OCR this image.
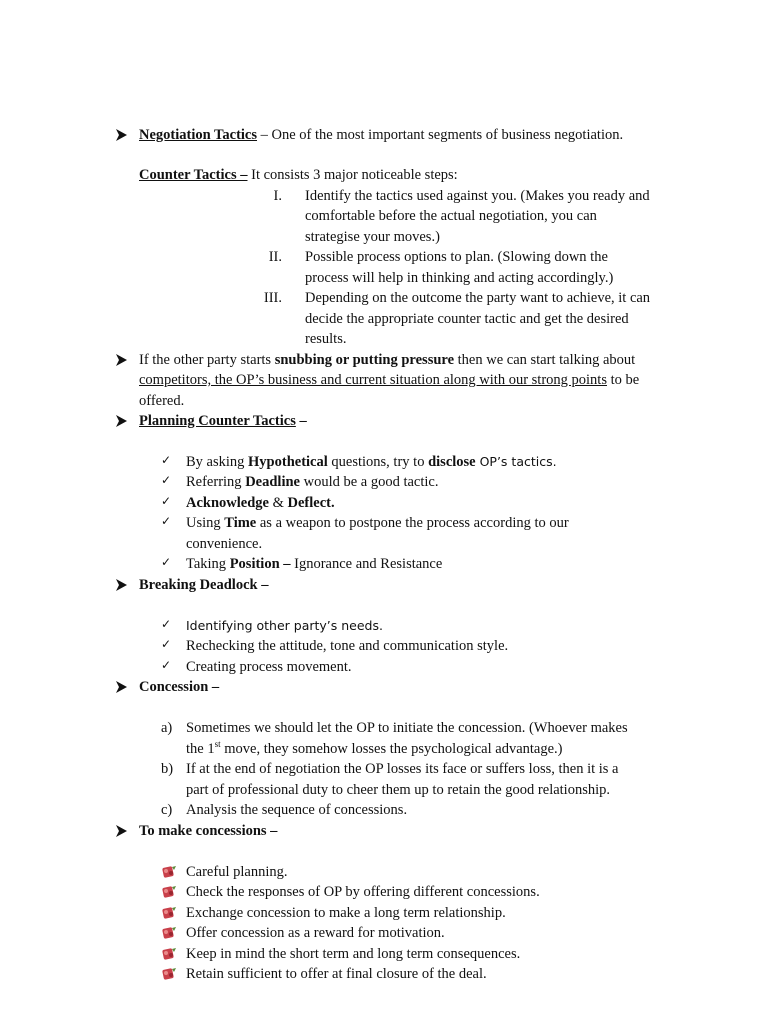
Negotiation Tactics – One of the most important segments of business negotiation.
Counter Tactics – It consists 3 major noticeable steps:
I. Identify the tactics used against you. (Makes you ready and
comfortable before the actual negotiation, you can
strategise your moves.)
II. Possible process options to plan. (Slowing down the
process will help in thinking and acting accordingly.)
III. Depending on the outcome the party want to achieve, it can
decide the appropriate counter tactic and get the desired
results.
If the other party starts snubbing or putting pressure then we can start talking about
competitors, the OP’s business and current situation along with our strong points to be
offered.
Planning Counter Tactics –
✓ By asking Hypothetical questions, try to disclose OP’s tactics.
✓ Referring Deadline would be a good tactic.
✓ Acknowledge & Deflect.
✓ Using Time as a weapon to postpone the process according to our
convenience.
✓ Taking Position – Ignorance and Resistance
Breaking Deadlock –
✓	Identifying other party’s needs.
✓ Rechecking the attitude, tone and communication style.
✓ Creating process movement.
Concession –
a) Sometimes we should let the OP to initiate the concession. (Whoever makes
the 1st move, they somehow losses the psychological advantage.)
b) If at the end of negotiation the OP losses its face or suffers loss, then it is a
part of professional duty to cheer them up to retain the good relationship.
c) Analysis the sequence of concessions.
To make concessions –
Careful planning.
Check the responses of OP by offering different concessions.
Exchange concession to make a long term relationship.
Offer concession as a reward for motivation.
Keep in mind the short term and long term consequences.
Retain sufficient to offer at final closure of the deal.
